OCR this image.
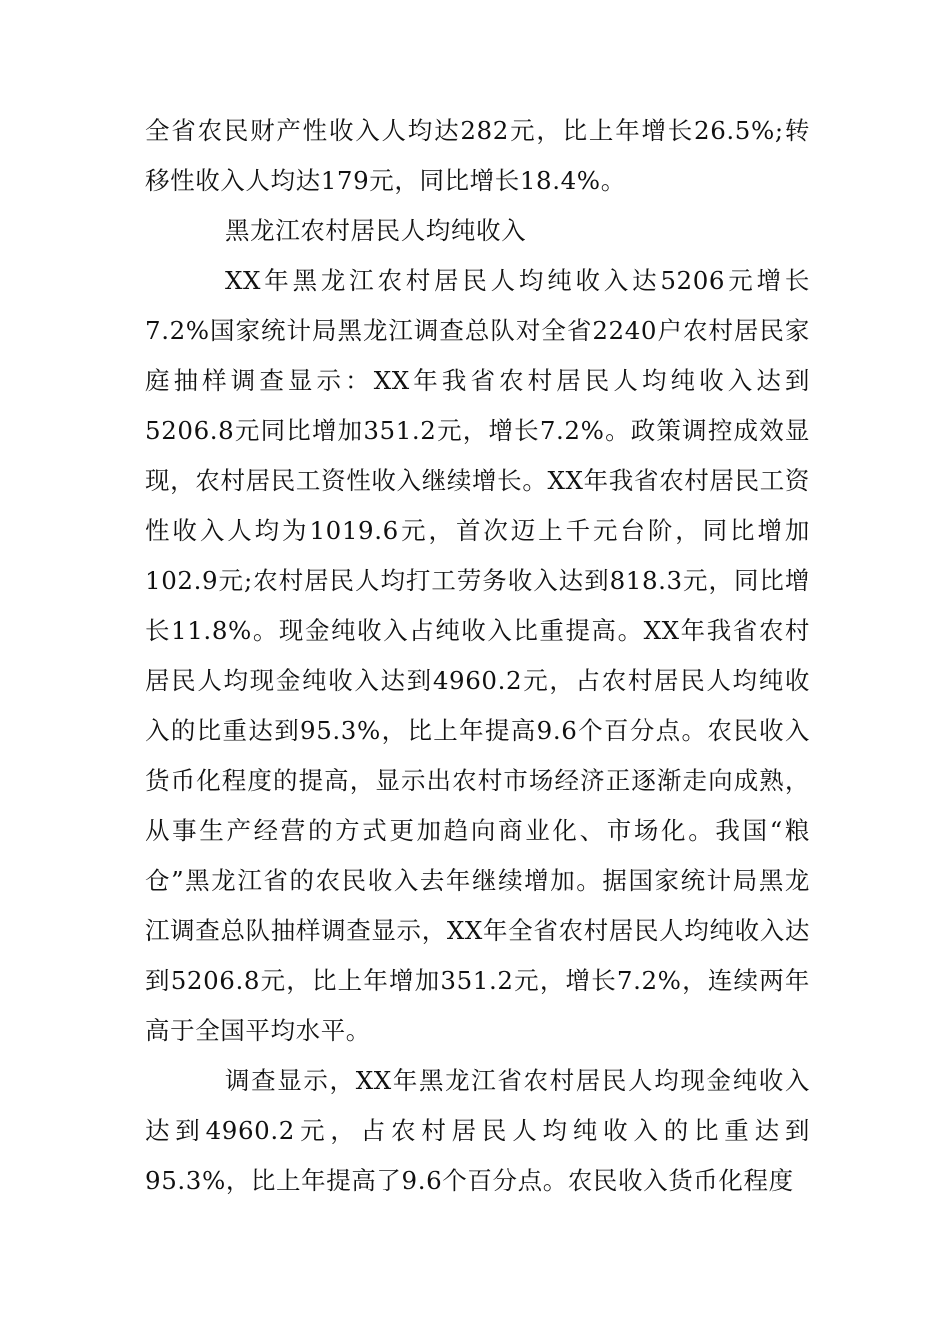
全省农民财产性收入人均达282元，比上年增长26.5%;转移性收入人均达179元，同比增长18.4%。

黑龙江农村居民人均纯收入

XX年黑龙江农村居民人均纯收入达5206元增长7.2%国家统计局黑龙江调查总队对全省2240户农村居民家庭抽样调查显示：XX年我省农村居民人均纯收入达到5206.8元同比增加351.2元，增长7.2%。政策调控成效显现，农村居民工资性收入继续增长。XX年我省农村居民工资性收入人均为1019.6元，首次迈上千元台阶，同比增加102.9元;农村居民人均打工劳务收入达到818.3元，同比增长11.8%。现金纯收入占纯收入比重提高。XX年我省农村居民人均现金纯收入达到4960.2元，占农村居民人均纯收入的比重达到95.3%，比上年提高9.6个百分点。农民收入货币化程度的提高，显示出农村市场经济正逐渐走向成熟，从事生产经营的方式更加趋向商业化、市场化。我国“粮仓”黑龙江省的农民收入去年继续增加。据国家统计局黑龙江调查总队抽样调查显示，XX年全省农村居民人均纯收入达到5206.8元，比上年增加351.2元，增长7.2%，连续两年高于全国平均水平。

调查显示，XX年黑龙江省农村居民人均现金纯收入达到4960.2元，占农村居民人均纯收入的比重达到95.3%，比上年提高了9.6个百分点。农民收入货币化程度
